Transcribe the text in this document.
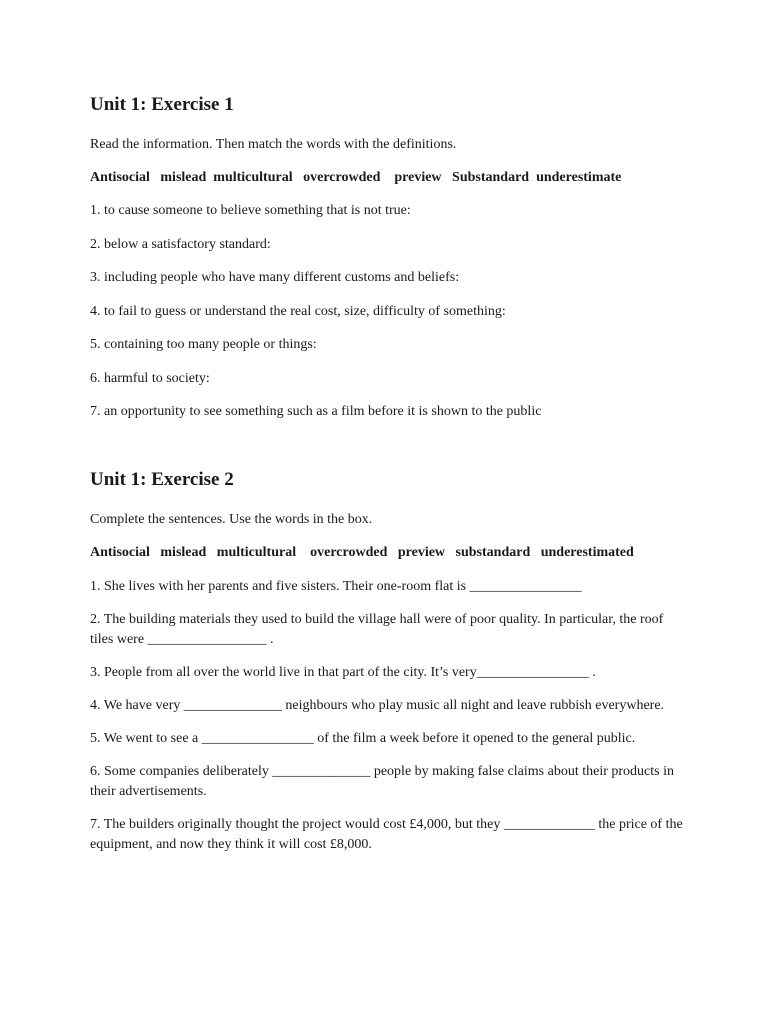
Unit 1: Exercise 1

Read the information. Then match the words with the definitions.

Antisocial   mislead  multicultural   overcrowded    preview   Substandard  underestimate

1. to cause someone to believe something that is not true:
2. below a satisfactory standard:
3. including people who have many different customs and beliefs:
4. to fail to guess or understand the real cost, size, difficulty of something:
5. containing too many people or things:
6. harmful to society:
7. an opportunity to see something such as a film before it is shown to the public
Unit 1: Exercise 2

Complete the sentences. Use the words in the box.

Antisocial   mislead   multicultural    overcrowded   preview   substandard   underestimated

1. She lives with her parents and five sisters. Their one-room flat is ________________
2. The building materials they used to build the village hall were of poor quality. In particular, the roof tiles were _________________ .
3. People from all over the world live in that part of the city. It’s very________________ .
4. We have very ______________ neighbours who play music all night and leave rubbish everywhere.
5. We went to see a ________________ of the film a week before it opened to the general public.
6. Some companies deliberately ______________ people by making false claims about their products in their advertisements.
7. The builders originally thought the project would cost £4,000, but they _____________ the price of the equipment, and now they think it will cost £8,000.
